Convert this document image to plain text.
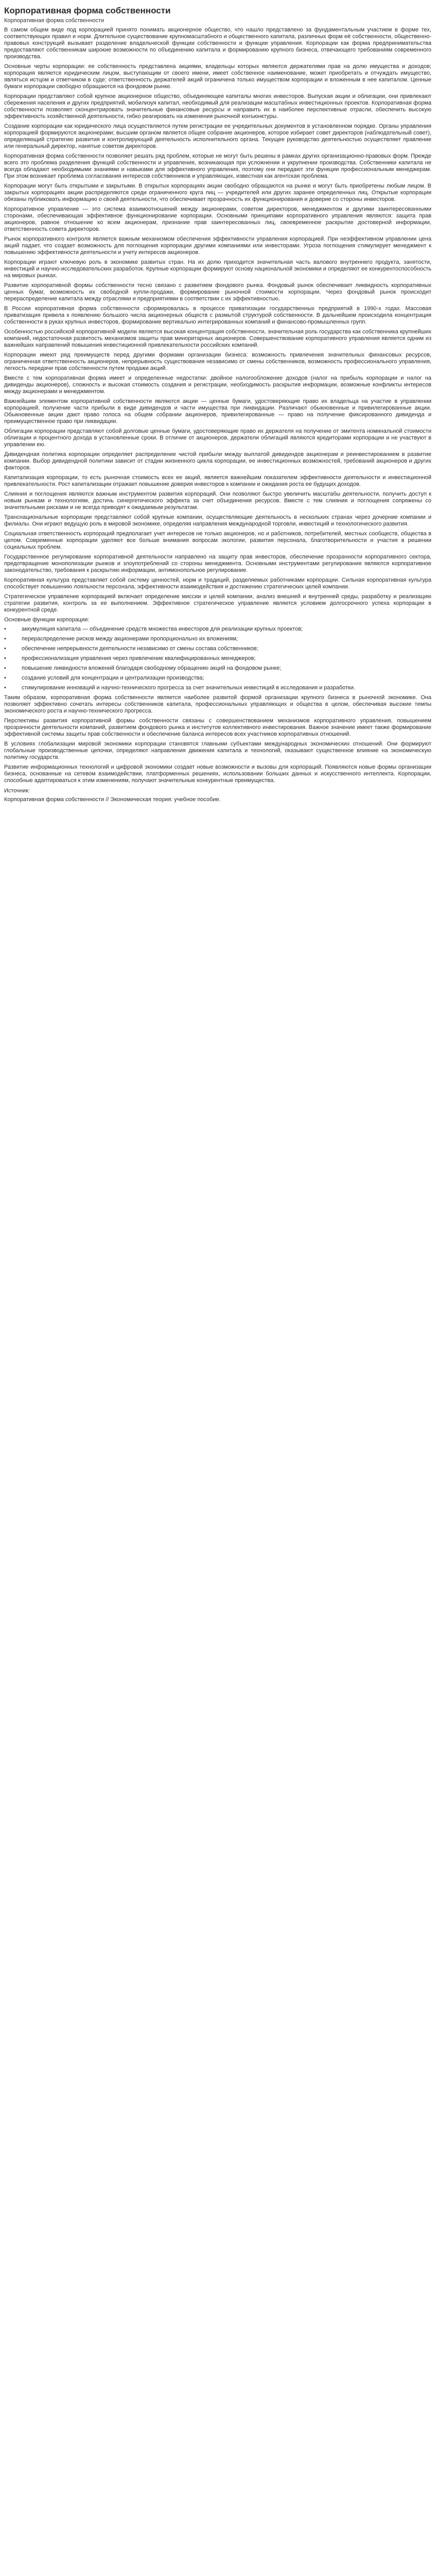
Корпоративная форма собственности
Корпоративная форма собственности

В самом общем виде под корпорацией принято понимать акционерное общество, что нашло представлено за фундаментальным участием в форме тех, соответствующих правил и норм. Длительное существование крупномасштабного и общественного капитала, различных форм её собственности, общественно-правовых конструкций вызывает разделение владельческой функции собственности и функции управления. Корпорации как форма предпринимательства предоставляют собственникам широкие возможности по объединению капитала и формированию крупного бизнеса, отвечающего требованиям современного производства.

Основные черты корпорации: ее собственность представлена акциями, владельцы которых являются держателями прав на долю имущества и доходов; корпорация является юридическим лицом, выступающим от своего имени, имеет собственное наименование, может приобретать и отчуждать имущество, являться истцом и ответчиком в суде; ответственность держателей акций ограничена только имуществом корпорации и вложенным в нее капиталом. Ценные бумаги корпорации свободно обращаются на фондовом рынке.

Корпорации представляют собой крупное акционерное общество, объединяющее капиталы многих инвесторов. Выпуская акции и облигации, они привлекают сбережения населения и других предприятий, мобилизуя капитал, необходимый для реализации масштабных инвестиционных проектов. Корпоративная форма собственности позволяет сконцентрировать значительные финансовые ресурсы и направить их в наиболее перспективные отрасли, обеспечить высокую эффективность хозяйственной деятельности, гибко реагировать на изменения рыночной конъюнктуры.

Создание корпорации как юридического лица осуществляется путем регистрации ее учредительных документов в установленном порядке. Органы управления корпорацией формируются акционерами; высшим органом является общее собрание акционеров, которое избирает совет директоров (наблюдательный совет), определяющий стратегию развития и контролирующий деятельность исполнительного органа. Текущее руководство деятельностью осуществляет правление или генеральный директор, нанятые советом директоров.

Корпоративная форма собственности позволяет решать ряд проблем, которые не могут быть решены в рамках других организационно-правовых форм. Прежде всего это проблема разделения функций собственности и управления, возникающая при усложнении и укрупнении производства. Собственники капитала не всегда обладают необходимыми знаниями и навыками для эффективного управления, поэтому они передают эти функции профессиональным менеджерам. При этом возникает проблема согласования интересов собственников и управляющих, известная как агентская проблема.

Корпорации могут быть открытыми и закрытыми. В открытых корпорациях акции свободно обращаются на рынке и могут быть приобретены любым лицом. В закрытых корпорациях акции распределяются среди ограниченного круга лиц — учредителей или других заранее определенных лиц. Открытые корпорации обязаны публиковать информацию о своей деятельности, что обеспечивает прозрачность их функционирования и доверие со стороны инвесторов.

Корпоративное управление — это система взаимоотношений между акционерами, советом директоров, менеджментом и другими заинтересованными сторонами, обеспечивающая эффективное функционирование корпорации. Основными принципами корпоративного управления являются: защита прав акционеров, равное отношение ко всем акционерам, признание прав заинтересованных лиц, своевременное раскрытие достоверной информации, ответственность совета директоров.

Рынок корпоративного контроля является важным механизмом обеспечения эффективности управления корпорацией. При неэффективном управлении цена акций падает, что создает возможность для поглощения корпорации другими компаниями или инвесторами. Угроза поглощения стимулирует менеджмент к повышению эффективности деятельности и учету интересов акционеров.

Корпорации играют ключевую роль в экономике развитых стран. На их долю приходится значительная часть валового внутреннего продукта, занятости, инвестиций и научно-исследовательских разработок. Крупные корпорации формируют основу национальной экономики и определяют ее конкурентоспособность на мировых рынках.

Развитие корпоративной формы собственности тесно связано с развитием фондового рынка. Фондовый рынок обеспечивает ликвидность корпоративных ценных бумаг, возможность их свободной купли-продажи, формирование рыночной стоимости корпорации. Через фондовый рынок происходит перераспределение капитала между отраслями и предприятиями в соответствии с их эффективностью.

В России корпоративная форма собственности сформировалась в процессе приватизации государственных предприятий в 1990-х годах. Массовая приватизация привела к появлению большого числа акционерных обществ с размытой структурой собственности. В дальнейшем происходила концентрация собственности в руках крупных инвесторов, формирование вертикально интегрированных компаний и финансово-промышленных групп.

Особенностью российской корпоративной модели является высокая концентрация собственности, значительная роль государства как собственника крупнейших компаний, недостаточная развитость механизмов защиты прав миноритарных акционеров. Совершенствование корпоративного управления является одним из важнейших направлений повышения инвестиционной привлекательности российских компаний.

Корпорации имеют ряд преимуществ перед другими формами организации бизнеса: возможность привлечения значительных финансовых ресурсов, ограниченная ответственность акционеров, непрерывность существования независимо от смены собственников, возможность профессионального управления, легкость передачи прав собственности путем продажи акций.

Вместе с тем корпоративная форма имеет и определенные недостатки: двойное налогообложение доходов (налог на прибыль корпорации и налог на дивиденды акционеров), сложность и высокая стоимость создания и регистрации, необходимость раскрытия информации, возможные конфликты интересов между акционерами и менеджментом.

Важнейшим элементом корпоративной собственности являются акции — ценные бумаги, удостоверяющие право их владельца на участие в управлении корпорацией, получение части прибыли в виде дивидендов и части имущества при ликвидации. Различают обыкновенные и привилегированные акции. Обыкновенные акции дают право голоса на общем собрании акционеров, привилегированные — право на получение фиксированного дивиденда и преимущественное право при ликвидации.

Облигации корпорации представляют собой долговые ценные бумаги, удостоверяющие право их держателя на получение от эмитента номинальной стоимости облигации и процентного дохода в установленные сроки. В отличие от акционеров, держатели облигаций являются кредиторами корпорации и не участвуют в управлении ею.

Дивидендная политика корпорации определяет распределение чистой прибыли между выплатой дивидендов акционерам и реинвестированием в развитие компании. Выбор дивидендной политики зависит от стадии жизненного цикла корпорации, ее инвестиционных возможностей, требований акционеров и других факторов.

Капитализация корпорации, то есть рыночная стоимость всех ее акций, является важнейшим показателем эффективности деятельности и инвестиционной привлекательности. Рост капитализации отражает повышение доверия инвесторов к компании и ожидания роста ее будущих доходов.

Слияния и поглощения являются важным инструментом развития корпораций. Они позволяют быстро увеличить масштабы деятельности, получить доступ к новым рынкам и технологиям, достичь синергетического эффекта за счет объединения ресурсов. Вместе с тем слияния и поглощения сопряжены со значительными рисками и не всегда приводят к ожидаемым результатам.

Транснациональные корпорации представляют собой крупные компании, осуществляющие деятельность в нескольких странах через дочерние компании и филиалы. Они играют ведущую роль в мировой экономике, определяя направления международной торговли, инвестиций и технологического развития.

Социальная ответственность корпораций предполагает учет интересов не только акционеров, но и работников, потребителей, местных сообществ, общества в целом. Современные корпорации уделяют все больше внимания вопросам экологии, развития персонала, благотворительности и участия в решении социальных проблем.

Государственное регулирование корпоративной деятельности направлено на защиту прав инвесторов, обеспечение прозрачности корпоративного сектора, предотвращение монополизации рынков и злоупотреблений со стороны менеджмента. Основными инструментами регулирования являются корпоративное законодательство, требования к раскрытию информации, антимонопольное регулирование.

Корпоративная культура представляет собой систему ценностей, норм и традиций, разделяемых работниками корпорации. Сильная корпоративная культура способствует повышению лояльности персонала, эффективности взаимодействия и достижению стратегических целей компании.

Стратегическое управление корпорацией включает определение миссии и целей компании, анализ внешней и внутренней среды, разработку и реализацию стратегии развития, контроль за ее выполнением. Эффективное стратегическое управление является условием долгосрочного успеха корпорации в конкурентной среде.

Основные функции корпорации:
•	аккумуляция капитала — объединение средств множества инвесторов для реализации крупных проектов;
•	перераспределение рисков между акционерами пропорционально их вложениям;
•	обеспечение непрерывности деятельности независимо от смены состава собственников;
•	профессионализация управления через привлечение квалифицированных менеджеров;
•	повышение ликвидности вложений благодаря свободному обращению акций на фондовом рынке;
•	создание условий для концентрации и централизации производства;
•	стимулирование инноваций и научно-технического прогресса за счет значительных инвестиций в исследования и разработки.

Таким образом, корпоративная форма собственности является наиболее развитой формой организации крупного бизнеса в рыночной экономике. Она позволяет эффективно сочетать интересы собственников капитала, профессиональных управляющих и общества в целом, обеспечивая высокие темпы экономического роста и научно-технического прогресса.

Перспективы развития корпоративной формы собственности связаны с совершенствованием механизмов корпоративного управления, повышением прозрачности деятельности компаний, развитием фондового рынка и институтов коллективного инвестирования. Важное значение имеет также формирование эффективной системы защиты прав собственности и обеспечение баланса интересов всех участников корпоративных отношений.

В условиях глобализации мировой экономики корпорации становятся главными субъектами международных экономических отношений. Они формируют глобальные производственные цепочки, определяют направления движения капитала и технологий, оказывают существенное влияние на экономическую политику государств.

Развитие информационных технологий и цифровой экономики создает новые возможности и вызовы для корпораций. Появляются новые формы организации бизнеса, основанные на сетевом взаимодействии, платформенных решениях, использовании больших данных и искусственного интеллекта. Корпорации, способные адаптироваться к этим изменениям, получают значительные конкурентные преимущества.

Источник:
Корпоративная форма собственности // Экономическая теория: учебное пособие.
